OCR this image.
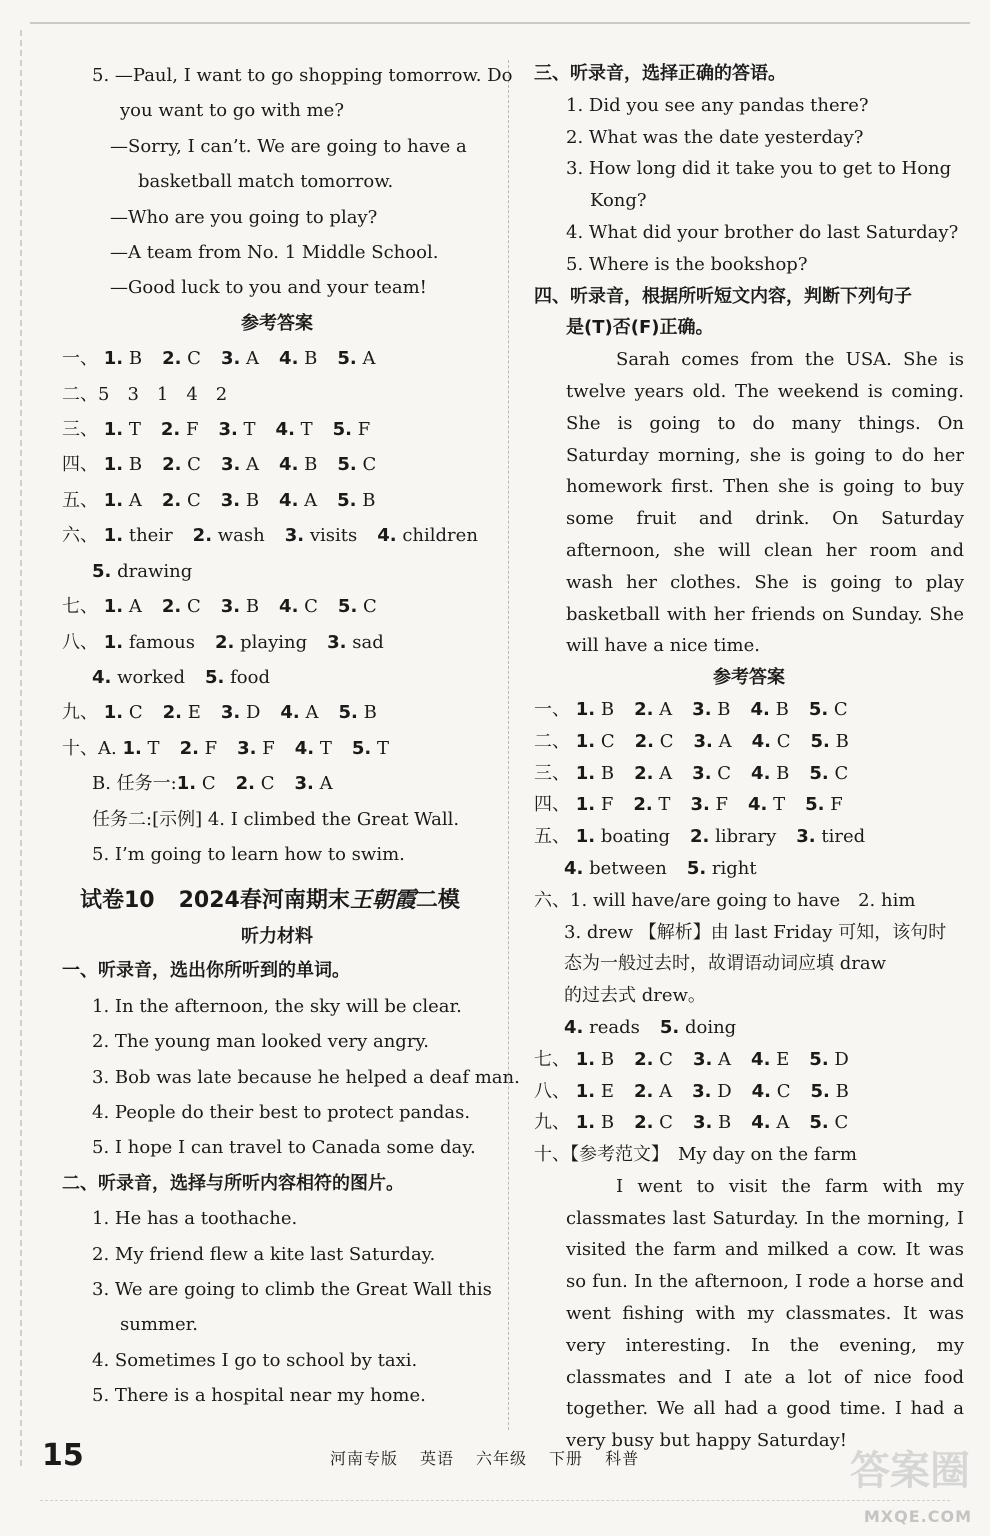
5. —Paul, I want to go shopping tomorrow. Do
you want to go with me?
—Sorry, I can’t. We are going to have a
basketball match tomorrow.
—Who are you going to play?
—A team from No. 1 Middle School.
—Good luck to you and your team!
参考答案
一、 1. B 2. C 3. A 4. B 5. A
二、5　3　1　4　2
三、 1. T 2. F 3. T 4. T 5. F
四、 1. B 2. C 3. A 4. B 5. C
五、 1. A 2. C 3. B 4. A 5. B
六、 1. their 2. wash 3. visits 4. children
5. drawing
七、 1. A 2. C 3. B 4. C 5. C
八、 1. famous 2. playing 3. sad
4. worked 5. food
九、 1. C 2. E 3. D 4. A 5. B
十、A. 1. T 2. F 3. F 4. T 5. T
B. 任务一:1. C 2. C 3. A
任务二:[示例] 4. I climbed the Great Wall.
5. I’m going to learn how to swim.
试卷10 2024春河南期末王朝霞二模
听力材料
一、听录音，选出你所听到的单词。
1. In the afternoon, the sky will be clear.
2. The young man looked very angry.
3. Bob was late because he helped a deaf man.
4. People do their best to protect pandas.
5. I hope I can travel to Canada some day.
二、听录音，选择与所听内容相符的图片。
1. He has a toothache.
2. My friend flew a kite last Saturday.
3. We are going to climb the Great Wall this
summer.
4. Sometimes I go to school by taxi.
5. There is a hospital near my home.
三、听录音，选择正确的答语。
1. Did you see any pandas there?
2. What was the date yesterday?
3. How long did it take you to get to Hong
Kong?
4. What did your brother do last Saturday?
5. Where is the bookshop?
四、听录音，根据所听短文内容，判断下列句子
是(T)否(F)正确。
Sarah comes from the USA. She is twelve years old. The weekend is coming. She is going to do many things. On Saturday morning, she is going to do her homework first. Then she is going to buy some fruit and drink. On Saturday afternoon, she will clean her room and wash her clothes. She is going to play basketball with her friends on Sunday. She will have a nice time.
参考答案
一、 1. B 2. A 3. B 4. B 5. C
二、 1. C 2. C 3. A 4. C 5. B
三、 1. B 2. A 3. C 4. B 5. C
四、 1. F 2. T 3. F 4. T 5. F
五、 1. boating 2. library 3. tired
4. between 5. right
六、1. will have/are going to have　2. him
3. drew 【解析】由 last Friday 可知，该句时
态为一般过去时，故谓语动词应填 draw
的过去式 drew。
4. reads 5. doing
七、 1. B 2. C 3. A 4. E 5. D
八、 1. E 2. A 3. D 4. C 5. B
九、 1. B 2. C 3. B 4. A 5. C
十、【参考范文】　My day on the farm
I went to visit the farm with my classmates last Saturday. In the morning, I visited the farm and milked a cow. It was so fun. In the afternoon, I rode a horse and went fishing with my classmates. It was very interesting. In the evening, my classmates and I ate a lot of nice food together. We all had a good time. I had a very busy but happy Saturday!
15	河南专版 英语 六年级 下册 科普	答案圈
MXQE.COM
